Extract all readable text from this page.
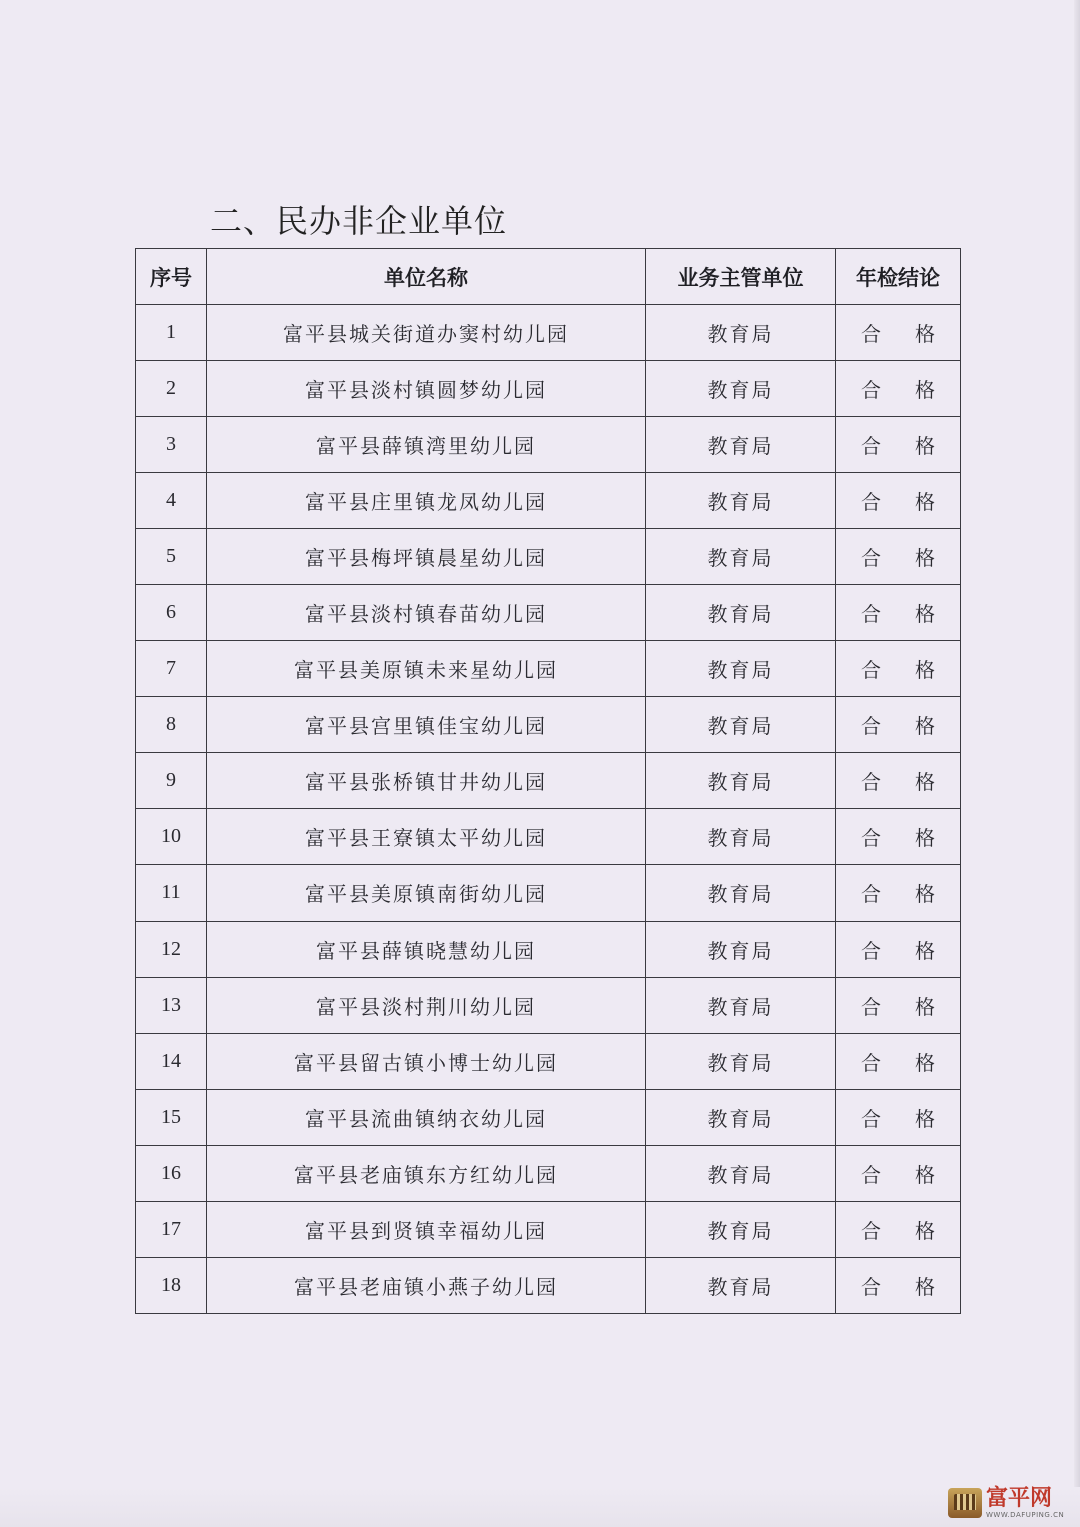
二、民办非企业单位
序号	单位名称	业务主管单位	年检结论
1	富平县城关街道办窦村幼儿园	教育局	合 格
2	富平县淡村镇圆梦幼儿园	教育局	合 格
3	富平县薛镇湾里幼儿园	教育局	合 格
4	富平县庄里镇龙凤幼儿园	教育局	合 格
5	富平县梅坪镇晨星幼儿园	教育局	合 格
6	富平县淡村镇春苗幼儿园	教育局	合 格
7	富平县美原镇未来星幼儿园	教育局	合 格
8	富平县宫里镇佳宝幼儿园	教育局	合 格
9	富平县张桥镇甘井幼儿园	教育局	合 格
10	富平县王寮镇太平幼儿园	教育局	合 格
11	富平县美原镇南街幼儿园	教育局	合 格
12	富平县薛镇晓慧幼儿园	教育局	合 格
13	富平县淡村荆川幼儿园	教育局	合 格
14	富平县留古镇小博士幼儿园	教育局	合 格
15	富平县流曲镇纳衣幼儿园	教育局	合 格
16	富平县老庙镇东方红幼儿园	教育局	合 格
17	富平县到贤镇幸福幼儿园	教育局	合 格
18	富平县老庙镇小燕子幼儿园	教育局	合 格
富平网
WWW.DAFUPING.CN
